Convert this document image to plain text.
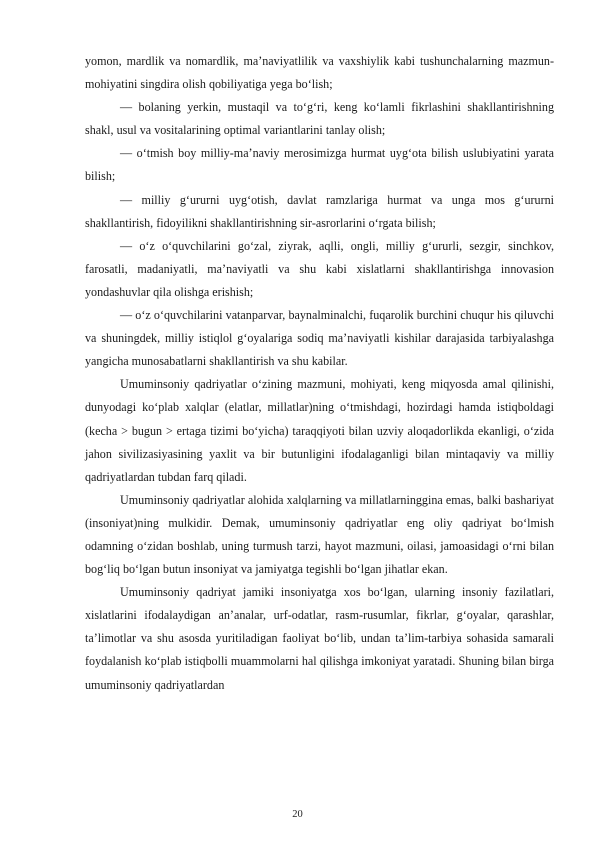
yomon, mardlik va nomardlik, ma’naviyatlilik va vaxshiylik kabi tushunchalarning mazmun-mohiyatini singdira olish qobiliyatiga yega bo‘lish;

— bolaning yerkin, mustaqil va to‘g‘ri, keng ko‘lamli fikrlashini shakllantirishning shakl, usul va vositalarining optimal variantlarini tanlay olish;

— o‘tmish boy milliy-ma’naviy merosimizga hurmat uyg‘ota bilish uslubiyatini yarata bilish;

— milliy g‘ururni uyg‘otish, davlat ramzlariga hurmat va unga mos g‘ururni shakllantirish, fidoyilikni shakllantirishning sir-asrorlarini o‘rgata bilish;

— o‘z o‘quvchilarini go‘zal, ziyrak, aqlli, ongli, milliy g‘ururli, sezgir, sinchkov, farosatli, madaniyatli, ma’naviyatli va shu kabi xislatlarni shakllantirishga innovasion yondashuvlar qila olishga erishish;

— o‘z o‘quvchilarini vatanparvar, baynalminalchi, fuqarolik burchini chuqur his qiluvchi va shuningdek, milliy istiqlol g‘oyalariga sodiq ma’naviyatli kishilar darajasida tarbiyalashga yangicha munosabatlarni shakllantirish va shu kabilar.

Umuminsoniy qadriyatlar o‘zining mazmuni, mohiyati, keng miqyosda amal qilinishi, dunyodagi ko‘plab xalqlar (elatlar, millatlar)ning o‘tmishdagi, hozirdagi hamda istiqboldagi (kecha > bugun > ertaga tizimi bo‘yicha) taraqqiyoti bilan uzviy aloqadorlikda ekanligi, o‘zida jahon sivilizasiyasining yaxlit va bir butunligini ifodalaganligi bilan mintaqaviy va milliy qadriyatlardan tubdan farq qiladi.

Umuminsoniy qadriyatlar alohida xalqlarning va millatlarninggina emas, balki bashariyat (insoniyat)ning mulkidir. Demak, umuminsoniy qadriyatlar eng oliy qadriyat bo‘lmish odamning o‘zidan boshlab, uning turmush tarzi, hayot mazmuni, oilasi, jamoasidagi o‘rni bilan bog‘liq bo‘lgan butun insoniyat va jamiyatga tegishli bo‘lgan jihatlar ekan.

Umuminsoniy qadriyat jamiki insoniyatga xos bo‘lgan, ularning insoniy fazilatlari, xislatlarini ifodalaydigan an’analar, urf-odatlar, rasm-rusumlar, fikrlar, g‘oyalar, qarashlar, ta’limotlar va shu asosda yuritiladigan faoliyat bo‘lib, undan ta’lim-tarbiya sohasida samarali foydalanish ko‘plab istiqbolli muammolarni hal qilishga imkoniyat yaratadi. Shuning bilan birga umuminsoniy qadriyatlardan

20
